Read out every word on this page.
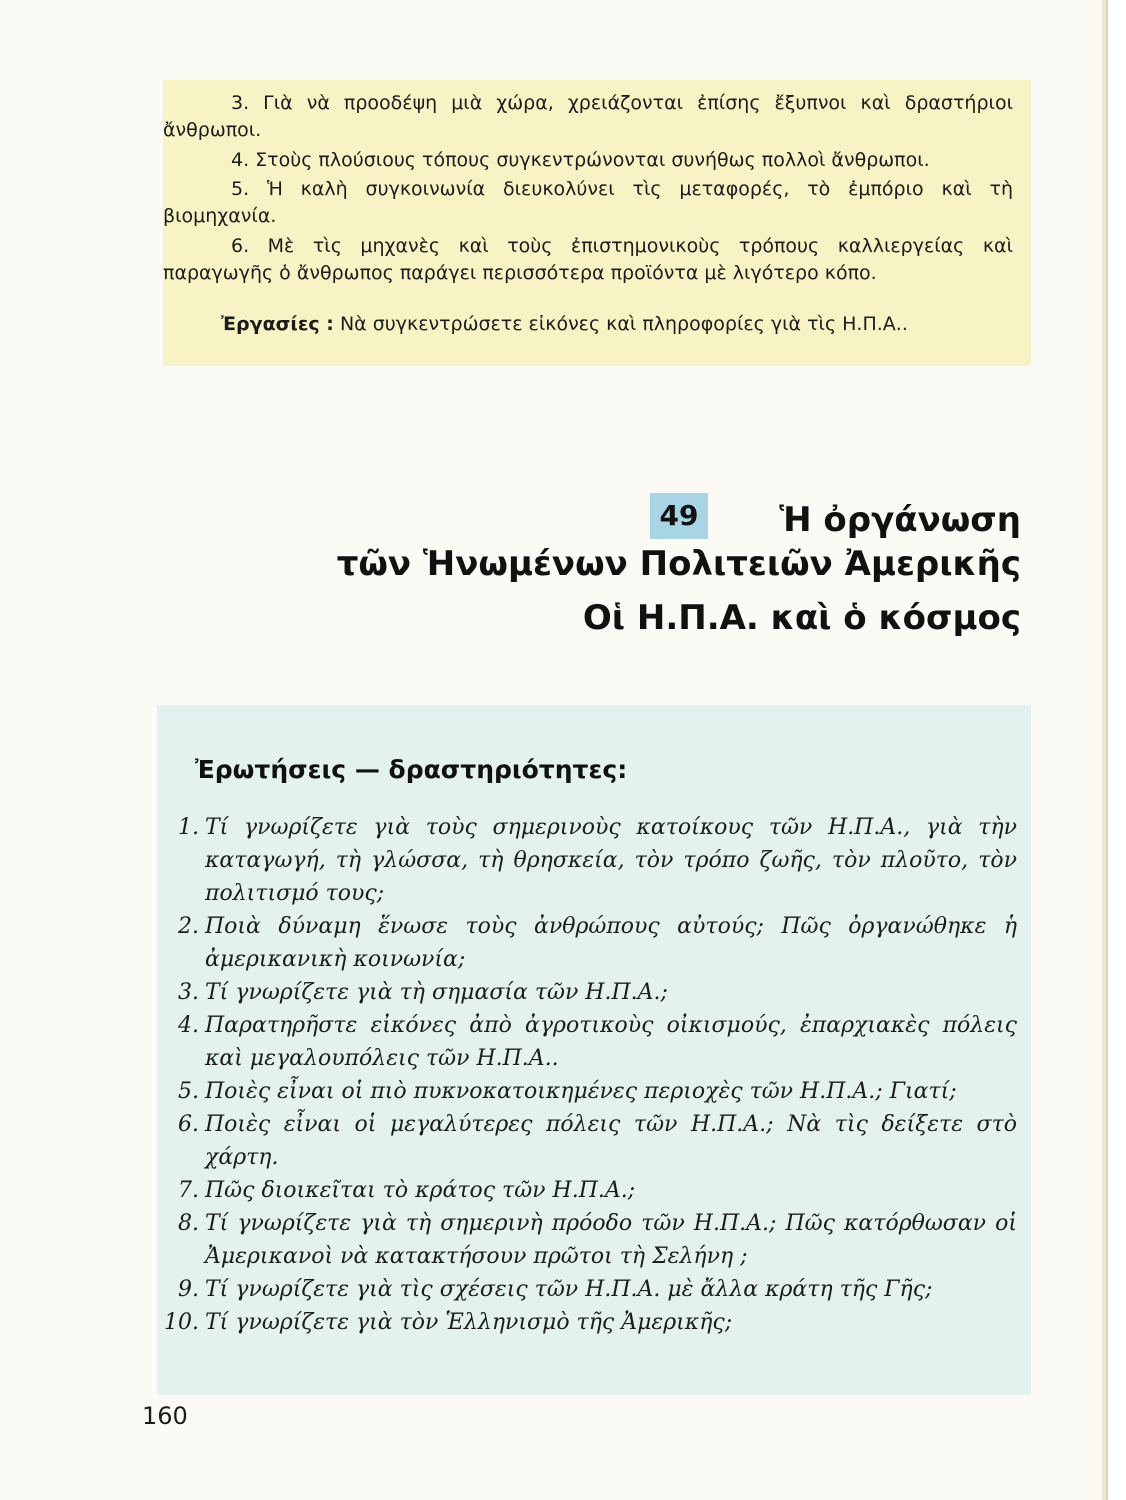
3. Γιὰ νὰ προοδέψη μιὰ χώρα, χρειάζονται ἐπίσης ἔξυπνοι καὶ δραστήριοι ἄνθρωποι.

4. Στοὺς πλούσιους τόπους συγκεντρώνονται συνήθως πολλοὶ ἄνθρωποι.

5. Ἡ καλὴ συγκοινωνία διευκολύνει τὶς μεταφορές, τὸ ἐμπόριο καὶ τὴ βιομηχανία.

6. Μὲ τὶς μηχανὲς καὶ τοὺς ἐπιστημονικοὺς τρόπους καλλιεργείας καὶ παραγωγῆς ὁ ἄνθρωπος παράγει περισσότερα προϊόντα μὲ λιγότερο κόπο.

Ἐργασίες : Νὰ συγκεντρώσετε εἰκόνες καὶ πληροφορίες γιὰ τὶς Η.Π.Α..
49 Ἡ ὀργάνωση
τῶν Ἡνωμένων Πολιτειῶν Ἀμερικῆς
Οἱ Η.Π.Α. καὶ ὁ κόσμος
Ἐρωτήσεις — δραστηριότητες:
1. Τί γνωρίζετε γιὰ τοὺς σημερινοὺς κατοίκους τῶν Η.Π.Α., γιὰ τὴν καταγωγή, τὴ γλώσσα, τὴ θρησκεία, τὸν τρόπο ζωῆς, τὸν πλοῦτο, τὸν πολιτισμό τους;
2. Ποιὰ δύναμη ἕνωσε τοὺς ἀνθρώπους αὐτούς; Πῶς ὀργανώθηκε ἡ ἀμερικανικὴ κοινωνία;
3. Τί γνωρίζετε γιὰ τὴ σημασία τῶν Η.Π.Α.;
4. Παρατηρῆστε εἰκόνες ἀπὸ ἀγροτικοὺς οἰκισμούς, ἐπαρχιακὲς πόλεις καὶ μεγαλουπόλεις τῶν Η.Π.Α..
5. Ποιὲς εἶναι οἱ πιὸ πυκνοκατοικημένες περιοχὲς τῶν Η.Π.Α.; Γιατί;
6. Ποιὲς εἶναι οἱ μεγαλύτερες πόλεις τῶν Η.Π.Α.; Νὰ τὶς δείξετε στὸ χάρτη.
7. Πῶς διοικεῖται τὸ κράτος τῶν Η.Π.Α.;
8. Τί γνωρίζετε γιὰ τὴ σημερινὴ πρόοδο τῶν Η.Π.Α.; Πῶς κατόρθωσαν οἱ Ἀμερικανοὶ νὰ κατακτήσουν πρῶτοι τὴ Σελήνη ;
9. Τί γνωρίζετε γιὰ τὶς σχέσεις τῶν Η.Π.Α. μὲ ἄλλα κράτη τῆς Γῆς;
10. Τί γνωρίζετε γιὰ τὸν Ἑλληνισμὸ τῆς Ἀμερικῆς;
160
